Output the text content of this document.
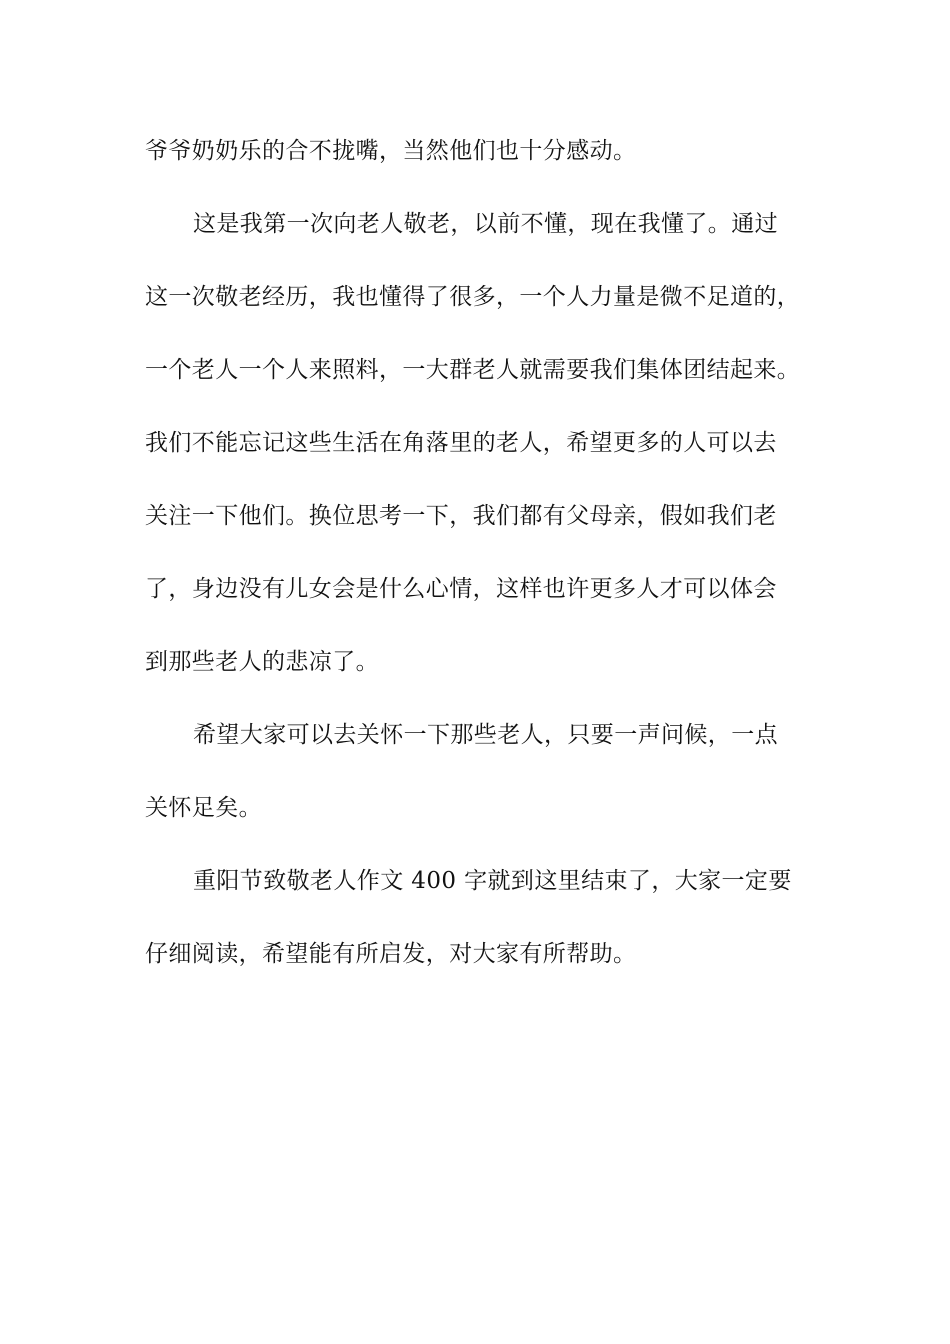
爷爷奶奶乐的合不拢嘴，当然他们也十分感动。
这是我第一次向老人敬老，以前不懂，现在我懂了。通过
这一次敬老经历，我也懂得了很多，一个人力量是微不足道的，
一个老人一个人来照料，一大群老人就需要我们集体团结起来。
我们不能忘记这些生活在角落里的老人，希望更多的人可以去
关注一下他们。换位思考一下，我们都有父母亲，假如我们老
了，身边没有儿女会是什么心情，这样也许更多人才可以体会
到那些老人的悲凉了。
希望大家可以去关怀一下那些老人，只要一声问候，一点
关怀足矣。
重阳节致敬老人作文 400 字就到这里结束了，大家一定要
仔细阅读，希望能有所启发，对大家有所帮助。
